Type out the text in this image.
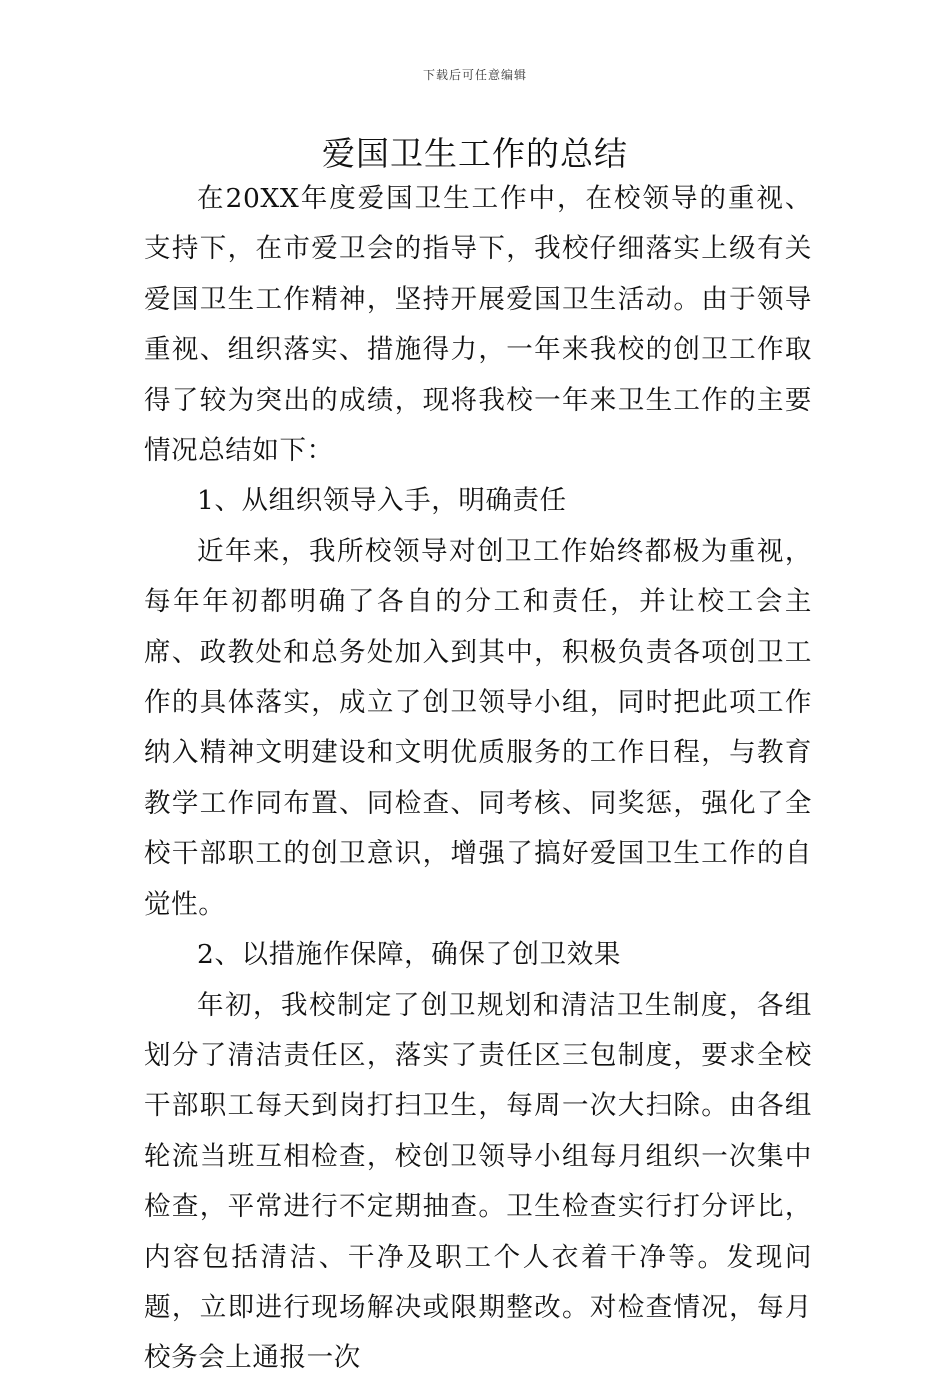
下载后可任意编辑
爱国卫生工作的总结

在20XX年度爱国卫生工作中，在校领导的重视、支持下，在市爱卫会的指导下，我校仔细落实上级有关爱国卫生工作精神，坚持开展爱国卫生活动。由于领导重视、组织落实、措施得力，一年来我校的创卫工作取得了较为突出的成绩，现将我校一年来卫生工作的主要情况总结如下：

1、从组织领导入手，明确责任

近年来，我所校领导对创卫工作始终都极为重视，每年年初都明确了各自的分工和责任，并让校工会主席、政教处和总务处加入到其中，积极负责各项创卫工作的具体落实，成立了创卫领导小组，同时把此项工作纳入精神文明建设和文明优质服务的工作日程，与教育教学工作同布置、同检查、同考核、同奖惩，强化了全校干部职工的创卫意识，增强了搞好爱国卫生工作的自觉性。

2、以措施作保障，确保了创卫效果

年初，我校制定了创卫规划和清洁卫生制度，各组划分了清洁责任区，落实了责任区三包制度，要求全校干部职工每天到岗打扫卫生，每周一次大扫除。由各组轮流当班互相检查，校创卫领导小组每月组织一次集中检查，平常进行不定期抽查。卫生检查实行打分评比，内容包括清洁、干净及职工个人衣着干净等。发现问题，立即进行现场解决或限期整改。对检查情况，每月校务会上通报一次
